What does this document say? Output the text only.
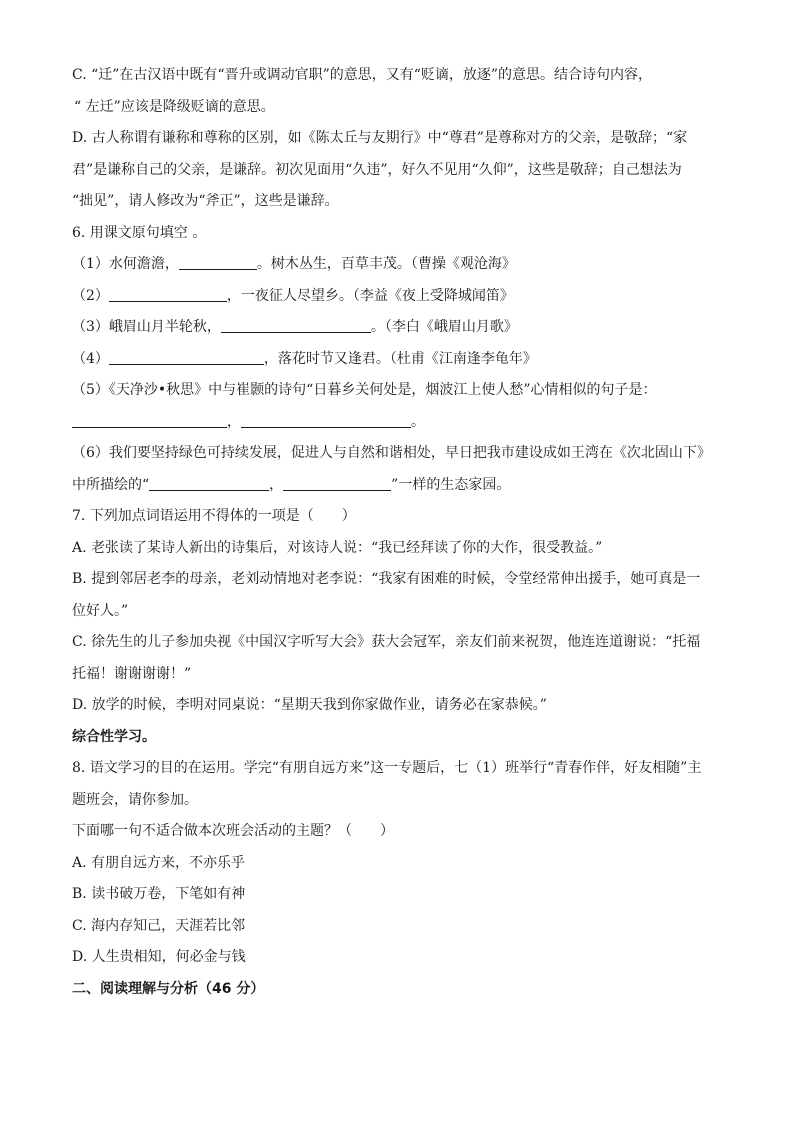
C. “迁”在古汉语中既有“晋升或调动官职”的意思，又有“贬谪，放逐”的意思。结合诗句内容，
“ 左迁”应该是降级贬谪的意思。
D. 古人称谓有谦称和尊称的区别，如《陈太丘与友期行》中“尊君”是尊称对方的父亲，是敬辞；“家
君”是谦称自己的父亲，是谦辞。初次见面用“久违”，好久不见用“久仰”，这些是敬辞；自己想法为
“拙见”，请人修改为“斧正”，这些是谦辞。
6. 用课文原句填空 。
（1）水何澹澹，	。树木丛生，百草丰茂。（曹操《观沧海》
（2）	，一夜征人尽望乡。（李益《夜上受降城闻笛》
（3）峨眉山月半轮秋，	。（李白《峨眉山月歌》
（4）	，落花时节又逢君。（杜甫《江南逢李龟年》
（5）《天净沙•秋思》中与崔颢的诗句“日暮乡关何处是，烟波江上使人愁”心情相似的句子是：
，	。
（6）我们要坚持绿色可持续发展，促进人与自然和谐相处，早日把我市建设成如王湾在《次北固山下》
中所描绘的“	，	”一样的生态家园。
7. 下列加点词语运用不得体的一项是（　　）
A. 老张读了某诗人新出的诗集后，对该诗人说：“我已经拜读了你的大作，很受教益。”
B. 提到邻居老李的母亲，老刘动情地对老李说：“我家有困难的时候，令堂经常伸出援手，她可真是一
位好人。”
C. 徐先生的儿子参加央视《中国汉字听写大会》获大会冠军，亲友们前来祝贺，他连连道谢说：“托福
托福！谢谢谢谢！”
D. 放学的时候，李明对同桌说：“星期天我到你家做作业，请务必在家恭候。”
综合性学习。
8. 语文学习的目的在运用。学完“有朋自远方来”这一专题后，七（1）班举行“青春作伴，好友相随”主
题班会，请你参加。
下面哪一句不适合做本次班会活动的主题？（　　）
A. 有朋自远方来，不亦乐乎
B. 读书破万卷，下笔如有神
C. 海内存知己，天涯若比邻
D. 人生贵相知，何必金与钱
二、阅读理解与分析（46 分）
